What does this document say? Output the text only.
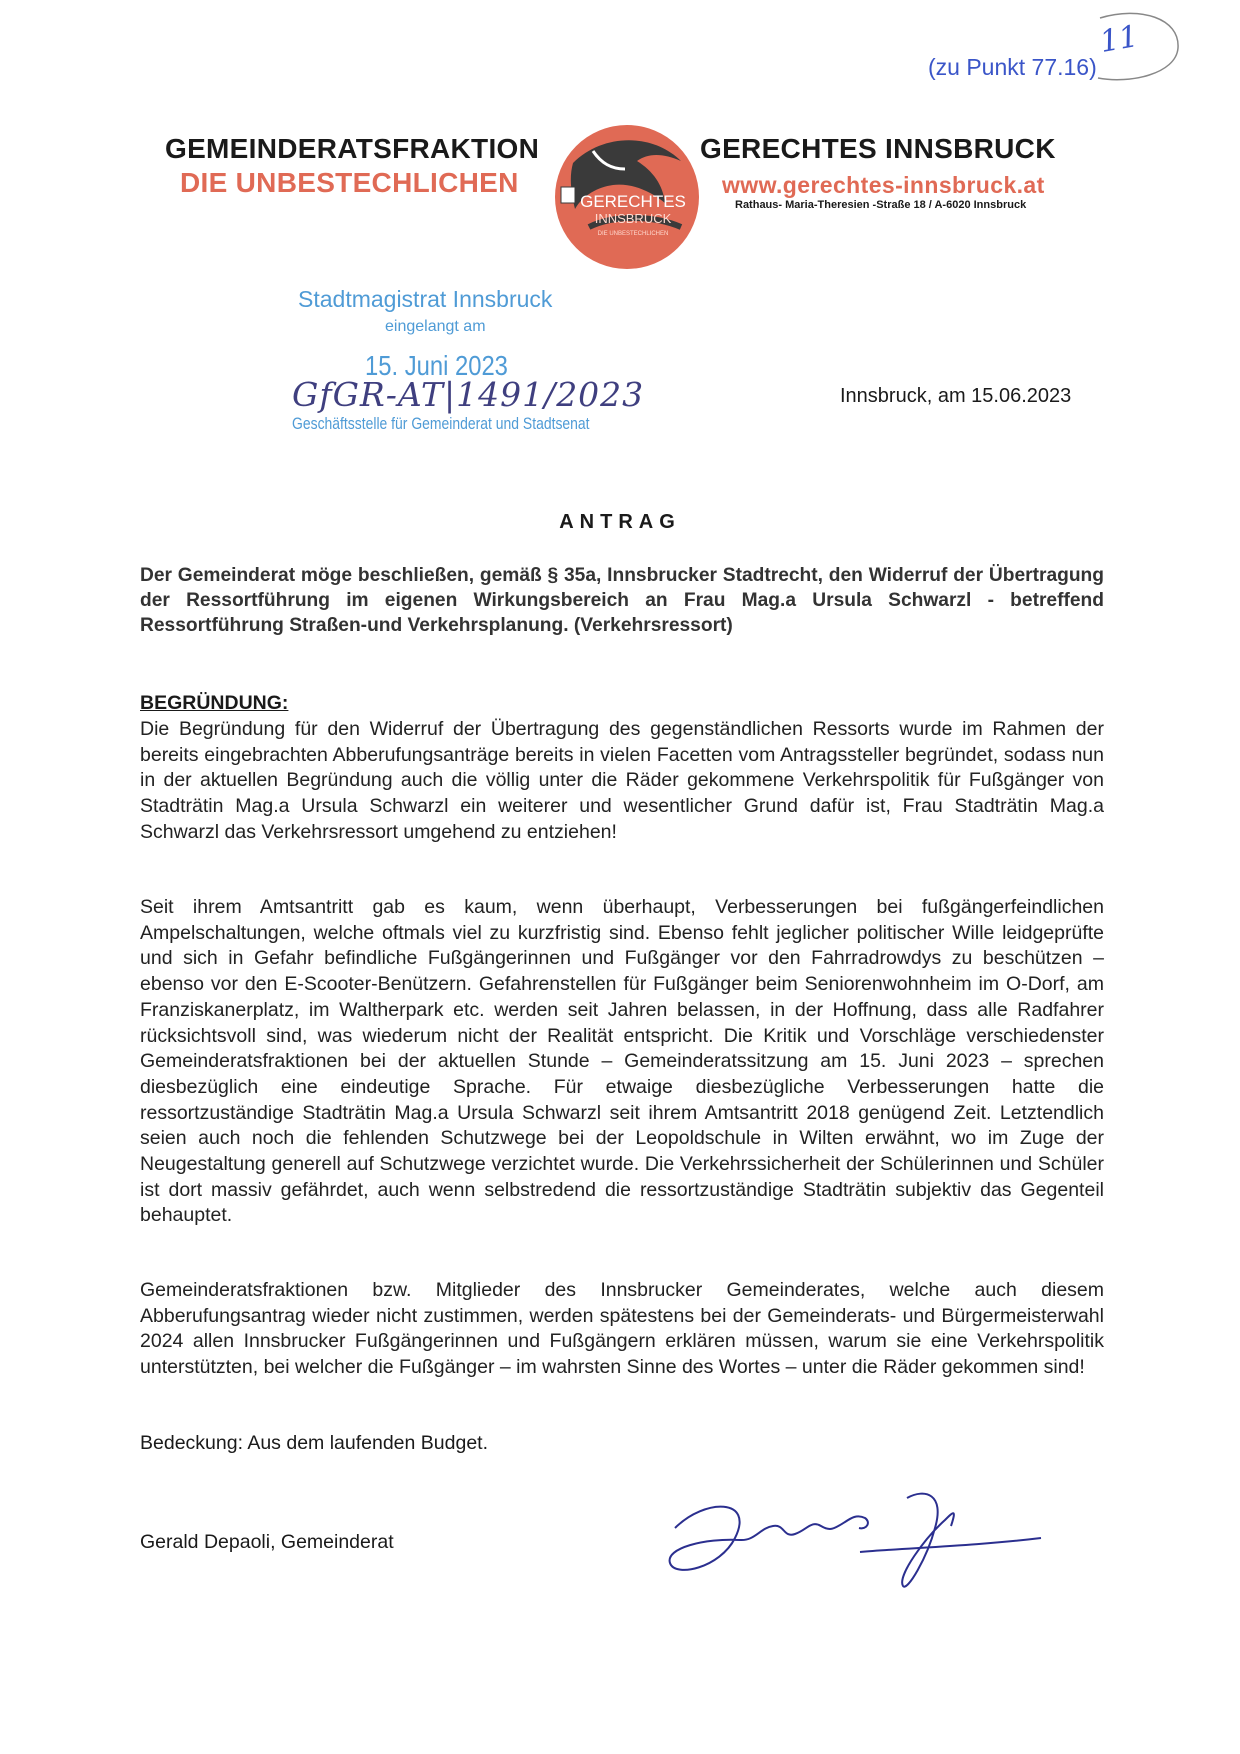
(zu Punkt 77.16)
11
GEMEINDERATSFRAKTION
DIE UNBESTECHLICHEN
GERECHTES INNSBRUCK
www.gerechtes-innsbruck.at
Rathaus- Maria-Theresien -Straße 18 / A-6020 Innsbruck
GERECHTES
INNSBRUCK
DIE UNBESTECHLICHEN
Stadtmagistrat Innsbruck
eingelangt am
15. Juni 2023
GfGR-AT|1491/2023
Geschäftsstelle für Gemeinderat und Stadtsenat
Innsbruck, am 15.06.2023
ANTRAG
Der Gemeinderat möge beschließen, gemäß § 35a, Innsbrucker Stadtrecht, den Widerruf der Übertragung der Ressortführung im eigenen Wirkungsbereich an Frau Mag.a Ursula Schwarzl - betreffend Ressortführung Straßen-und Verkehrsplanung. (Verkehrsressort)
BEGRÜNDUNG:
Die Begründung für den Widerruf der Übertragung des gegenständlichen Ressorts wurde im Rahmen der bereits eingebrachten Abberufungsanträge bereits in vielen Facetten vom Antragssteller begründet, sodass nun in der aktuellen Begründung auch die völlig unter die Räder gekommene Verkehrspolitik für Fußgänger von Stadträtin Mag.a Ursula Schwarzl ein weiterer und wesentlicher Grund dafür ist, Frau Stadträtin Mag.a Schwarzl das Verkehrsressort umgehend zu entziehen!
Seit ihrem Amtsantritt gab es kaum, wenn überhaupt, Verbesserungen bei fußgängerfeindlichen Ampelschaltungen, welche oftmals viel zu kurzfristig sind. Ebenso fehlt jeglicher politischer Wille leidgeprüfte und sich in Gefahr befindliche Fußgängerinnen und Fußgänger vor den Fahrradrowdys zu beschützen – ebenso vor den E-Scooter-Benützern. Gefahrenstellen für Fußgänger beim Seniorenwohnheim im O-Dorf, am Franziskanerplatz, im Waltherpark etc. werden seit Jahren belassen, in der Hoffnung, dass alle Radfahrer rücksichtsvoll sind, was wiederum nicht der Realität entspricht. Die Kritik und Vorschläge verschiedenster Gemeinderatsfraktionen bei der aktuellen Stunde – Gemeinderatssitzung am 15. Juni 2023 – sprechen diesbezüglich eine eindeutige Sprache. Für etwaige diesbezügliche Verbesserungen hatte die ressortzuständige Stadträtin Mag.a Ursula Schwarzl seit ihrem Amtsantritt 2018 genügend Zeit. Letztendlich seien auch noch die fehlenden Schutzwege bei der Leopoldschule in Wilten erwähnt, wo im Zuge der Neugestaltung generell auf Schutzwege verzichtet wurde. Die Verkehrssicherheit der Schülerinnen und Schüler ist dort massiv gefährdet, auch wenn selbstredend die ressortzuständige Stadträtin subjektiv das Gegenteil behauptet.
Gemeinderatsfraktionen bzw. Mitglieder des Innsbrucker Gemeinderates, welche auch diesem Abberufungsantrag wieder nicht zustimmen, werden spätestens bei der Gemeinderats- und Bürgermeisterwahl 2024 allen Innsbrucker Fußgängerinnen und Fußgängern erklären müssen, warum sie eine Verkehrspolitik unterstützten, bei welcher die Fußgänger – im wahrsten Sinne des Wortes – unter die Räder gekommen sind!
Bedeckung: Aus dem laufenden Budget.
Gerald Depaoli, Gemeinderat
